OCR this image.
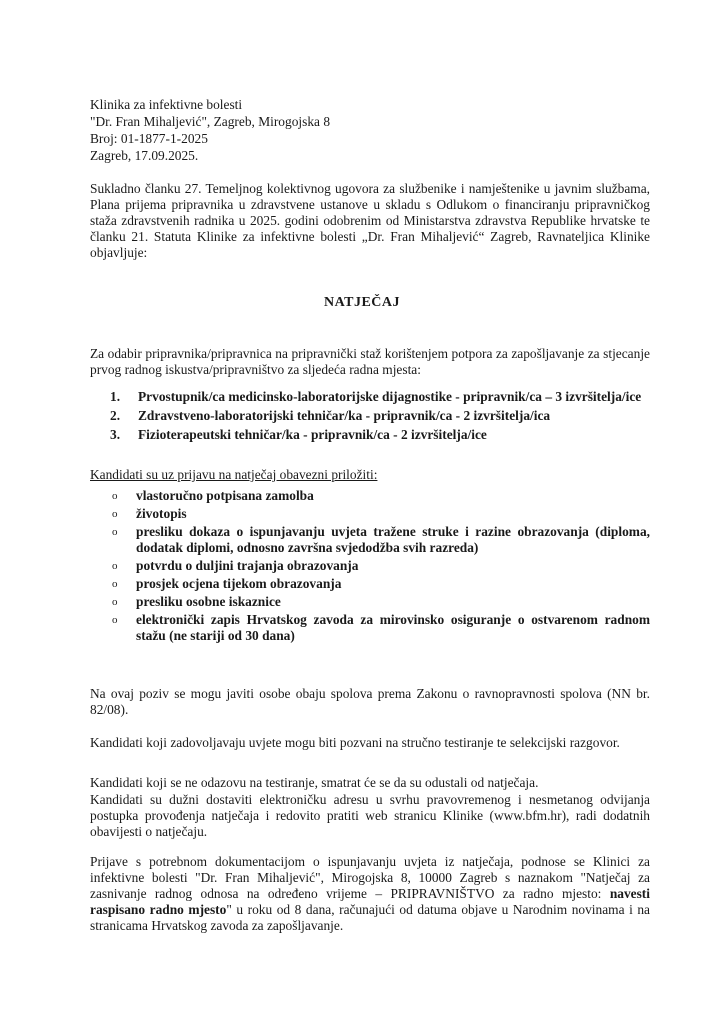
Klinika za infektivne bolesti
"Dr. Fran Mihaljević", Zagreb, Mirogojska 8
Broj: 01-1877-1-2025
Zagreb, 17.09.2025.
Sukladno članku 27. Temeljnog kolektivnog ugovora za službenike i namještenike u javnim službama, Plana prijema pripravnika u zdravstvene ustanove u skladu s Odlukom o financiranju pripravničkog staža zdravstvenih radnika u 2025. godini odobrenim od Ministarstva zdravstva Republike hrvatske te članku 21. Statuta Klinike za infektivne bolesti „Dr. Fran Mihaljević“ Zagreb, Ravnateljica Klinike objavljuje:
NATJEČAJ
Za odabir pripravnika/pripravnica na pripravnički staž korištenjem potpora za zapošljavanje za stjecanje prvog radnog iskustva/pripravništvo za sljedeća radna mjesta:
1.	Prvostupnik/ca medicinsko-laboratorijske dijagnostike - pripravnik/ca – 3 izvršitelja/ice
2.	Zdravstveno-laboratorijski tehničar/ka - pripravnik/ca - 2 izvršitelja/ica
3.	Fizioterapeutski tehničar/ka - pripravnik/ca - 2 izvršitelja/ice
Kandidati su uz prijavu na natječaj obavezni priložiti:
o	vlastoručno potpisana zamolba
o	životopis
o	presliku dokaza o ispunjavanju uvjeta tražene struke i razine obrazovanja (diploma, dodatak diplomi, odnosno završna svjedodžba svih razreda)
o	potvrdu o duljini trajanja obrazovanja
o	prosjek ocjena tijekom obrazovanja
o	presliku osobne iskaznice
o	elektronički zapis Hrvatskog zavoda za mirovinsko osiguranje o ostvarenom radnom stažu (ne stariji od 30 dana)
Na ovaj poziv se mogu javiti osobe obaju spolova prema Zakonu o ravnopravnosti spolova (NN br. 82/08).
Kandidati koji zadovoljavaju uvjete mogu biti pozvani na stručno testiranje te selekcijski razgovor.
Kandidati koji se ne odazovu na testiranje, smatrat će se da su odustali od natječaja.
Kandidati su dužni dostaviti elektroničku adresu u svrhu pravovremenog i nesmetanog odvijanja postupka provođenja natječaja i redovito pratiti web stranicu Klinike (www.bfm.hr), radi dodatnih obavijesti o natječaju.
Prijave s potrebnom dokumentacijom o ispunjavanju uvjeta iz natječaja, podnose se Klinici za infektivne bolesti "Dr. Fran Mihaljević", Mirogojska 8, 10000 Zagreb s naznakom "Natječaj za zasnivanje radnog odnosa na određeno vrijeme – PRIPRAVNIŠTVO za radno mjesto: navesti raspisano radno mjesto" u roku od 8 dana, računajući od datuma objave u Narodnim novinama i na stranicama Hrvatskog zavoda za zapošljavanje.
